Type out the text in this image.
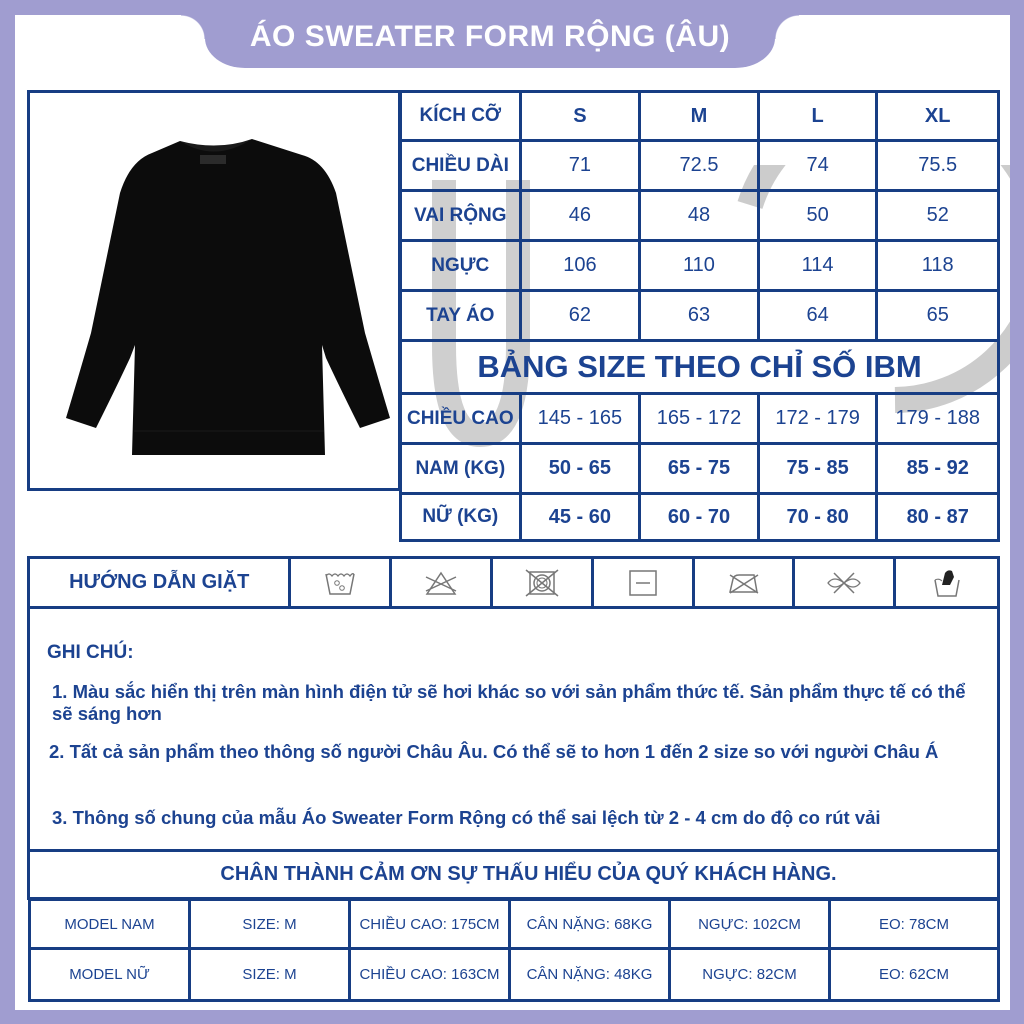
ÁO SWEATER FORM RỘNG (ÂU)
KÍCH CỠ	S	M	L	XL
CHIỀU DÀI	71	72.5	74	75.5
VAI RỘNG	46	48	50	52
NGỰC	106	110	114	118
TAY ÁO	62	63	64	65
BẢNG SIZE THEO CHỈ SỐ IBM
CHIỀU CAO	145 - 165	165 - 172	172 - 179	179 - 188
NAM (KG)	50 - 65	65 - 75	75 - 85	85 - 92
NỮ (KG)	45 - 60	60 - 70	70 - 80	80 - 87
HƯỚNG DẪN GIẶT
GHI CHÚ:
1. Màu sắc hiển thị trên màn hình điện tử sẽ hơi khác so với sản phẩm thức tế. Sản phẩm thực tế có thể sẽ sáng hơn
2. Tất cả sản phẩm theo thông số người Châu Âu. Có thể sẽ to hơn 1 đến 2 size so với người Châu Á
3. Thông số chung của mẫu Áo Sweater Form Rộng có thể sai lệch từ 2 - 4 cm do độ co rút vải
CHÂN THÀNH CẢM ƠN SỰ THẤU HIỂU CỦA QUÝ KHÁCH HÀNG.
MODEL NAM	SIZE: M	CHIỀU CAO: 175CM	CÂN NẶNG: 68KG	NGỰC: 102CM	EO: 78CM
MODEL NỮ	SIZE: M	CHIỀU CAO: 163CM	CÂN NẶNG: 48KG	NGỰC: 82CM	EO: 62CM
